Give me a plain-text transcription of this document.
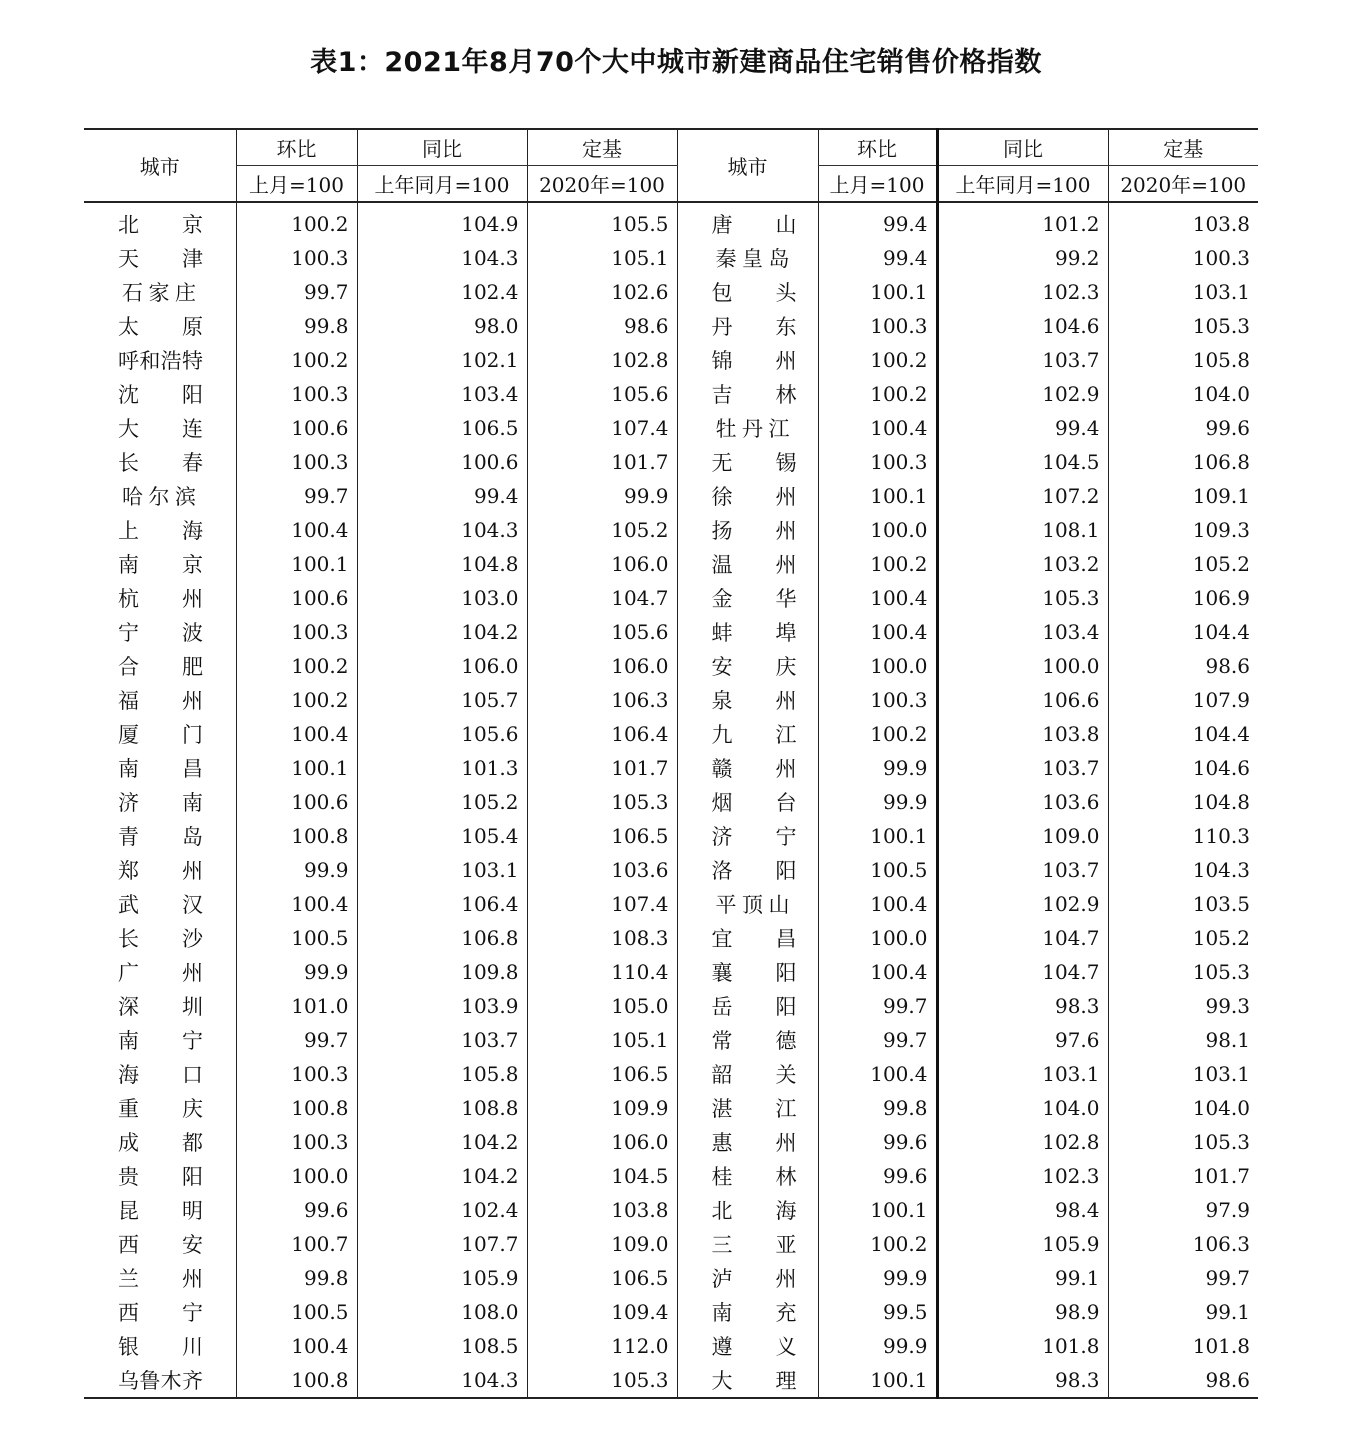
表1：2021年8月70个大中城市新建商品住宅销售价格指数
城市	环比	同比	定基	城市	环比	同比	定基
	上月=100	上年同月=100	2020年=100		上月=100	上年同月=100	2020年=100

北 京	100.2	104.9	105.5	唐 山	99.4	101.2	103.8

天 津	100.3	104.3	105.1	秦 皇 岛	99.4	99.2	100.3

石 家 庄	99.7	102.4	102.6	包 头	100.1	102.3	103.1

太 原	99.8	98.0	98.6	丹 东	100.3	104.6	105.3

呼 和 浩 特	100.2	102.1	102.8	锦 州	100.2	103.7	105.8

沈 阳	100.3	103.4	105.6	吉 林	100.2	102.9	104.0

大 连	100.6	106.5	107.4	牡 丹 江	100.4	99.4	99.6

长 春	100.3	100.6	101.7	无 锡	100.3	104.5	106.8

哈 尔 滨	99.7	99.4	99.9	徐 州	100.1	107.2	109.1

上 海	100.4	104.3	105.2	扬 州	100.0	108.1	109.3

南 京	100.1	104.8	106.0	温 州	100.2	103.2	105.2

杭 州	100.6	103.0	104.7	金 华	100.4	105.3	106.9

宁 波	100.3	104.2	105.6	蚌 埠	100.4	103.4	104.4

合 肥	100.2	106.0	106.0	安 庆	100.0	100.0	98.6

福 州	100.2	105.7	106.3	泉 州	100.3	106.6	107.9

厦 门	100.4	105.6	106.4	九 江	100.2	103.8	104.4

南 昌	100.1	101.3	101.7	赣 州	99.9	103.7	104.6

济 南	100.6	105.2	105.3	烟 台	99.9	103.6	104.8

青 岛	100.8	105.4	106.5	济 宁	100.1	109.0	110.3

郑 州	99.9	103.1	103.6	洛 阳	100.5	103.7	104.3

武 汉	100.4	106.4	107.4	平 顶 山	100.4	102.9	103.5

长 沙	100.5	106.8	108.3	宜 昌	100.0	104.7	105.2

广 州	99.9	109.8	110.4	襄 阳	100.4	104.7	105.3

深 圳	101.0	103.9	105.0	岳 阳	99.7	98.3	99.3

南 宁	99.7	103.7	105.1	常 德	99.7	97.6	98.1

海 口	100.3	105.8	106.5	韶 关	100.4	103.1	103.1

重 庆	100.8	108.8	109.9	湛 江	99.8	104.0	104.0

成 都	100.3	104.2	106.0	惠 州	99.6	102.8	105.3

贵 阳	100.0	104.2	104.5	桂 林	99.6	102.3	101.7

昆 明	99.6	102.4	103.8	北 海	100.1	98.4	97.9

西 安	100.7	107.7	109.0	三 亚	100.2	105.9	106.3

兰 州	99.8	105.9	106.5	泸 州	99.9	99.1	99.7

西 宁	100.5	108.0	109.4	南 充	99.5	98.9	99.1

银 川	100.4	108.5	112.0	遵 义	99.9	101.8	101.8

乌 鲁 木 齐	100.8	104.3	105.3	大 理	100.1	98.3	98.6
